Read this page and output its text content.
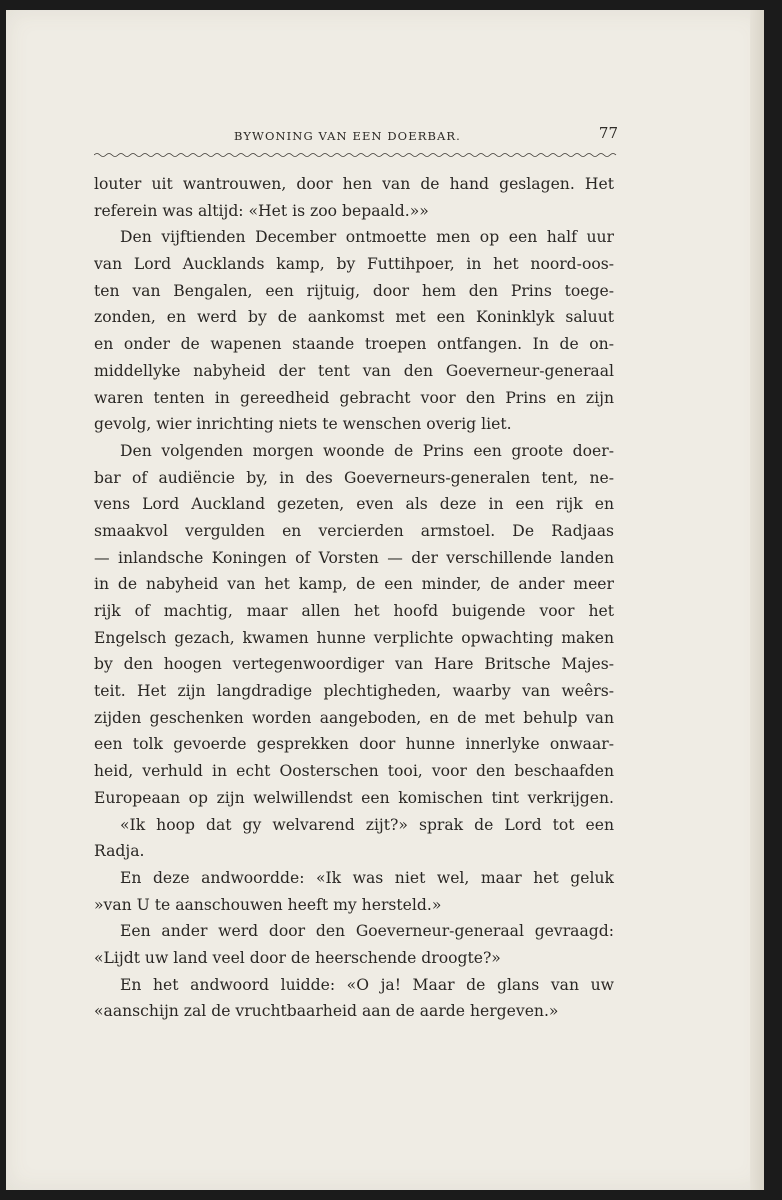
BYWONING VAN EEN DOERBAR.	77
louter uit wantrouwen, door hen van de hand geslagen. Het
referein was altijd: «Het is zoo bepaald.»»
Den vijftienden December ontmoette men op een half uur
van Lord Aucklands kamp, by Futtihpoer, in het noord-oos-
ten van Bengalen, een rijtuig, door hem den Prins toege-
zonden, en werd by de aankomst met een Koninklyk saluut
en onder de wapenen staande troepen ontfangen. In de on-
middellyke nabyheid der tent van den Goeverneur-generaal
waren tenten in gereedheid gebracht voor den Prins en zijn
gevolg, wier inrichting niets te wenschen overig liet.
Den volgenden morgen woonde de Prins een groote doer-
bar of audiëncie by, in des Goeverneurs-generalen tent, ne-
vens Lord Auckland gezeten, even als deze in een rijk en
smaakvol vergulden en vercierden armstoel. De Radjaas
— inlandsche Koningen of Vorsten — der verschillende landen
in de nabyheid van het kamp, de een minder, de ander meer
rijk of machtig, maar allen het hoofd buigende voor het
Engelsch gezach, kwamen hunne verplichte opwachting maken
by den hoogen vertegenwoordiger van Hare Britsche Majes-
teit. Het zijn langdradige plechtigheden, waarby van weêrs-
zijden geschenken worden aangeboden, en de met behulp van
een tolk gevoerde gesprekken door hunne innerlyke onwaar-
heid, verhuld in echt Oosterschen tooi, voor den beschaafden
Europeaan op zijn welwillendst een komischen tint verkrijgen.
«Ik hoop dat gy welvarend zijt?» sprak de Lord tot een
Radja.
En deze andwoordde: «Ik was niet wel, maar het geluk
»van U te aanschouwen heeft my hersteld.»
Een ander werd door den Goeverneur-generaal gevraagd:
«Lijdt uw land veel door de heerschende droogte?»
En het andwoord luidde: «O ja! Maar de glans van uw
«aanschijn zal de vruchtbaarheid aan de aarde hergeven.»
